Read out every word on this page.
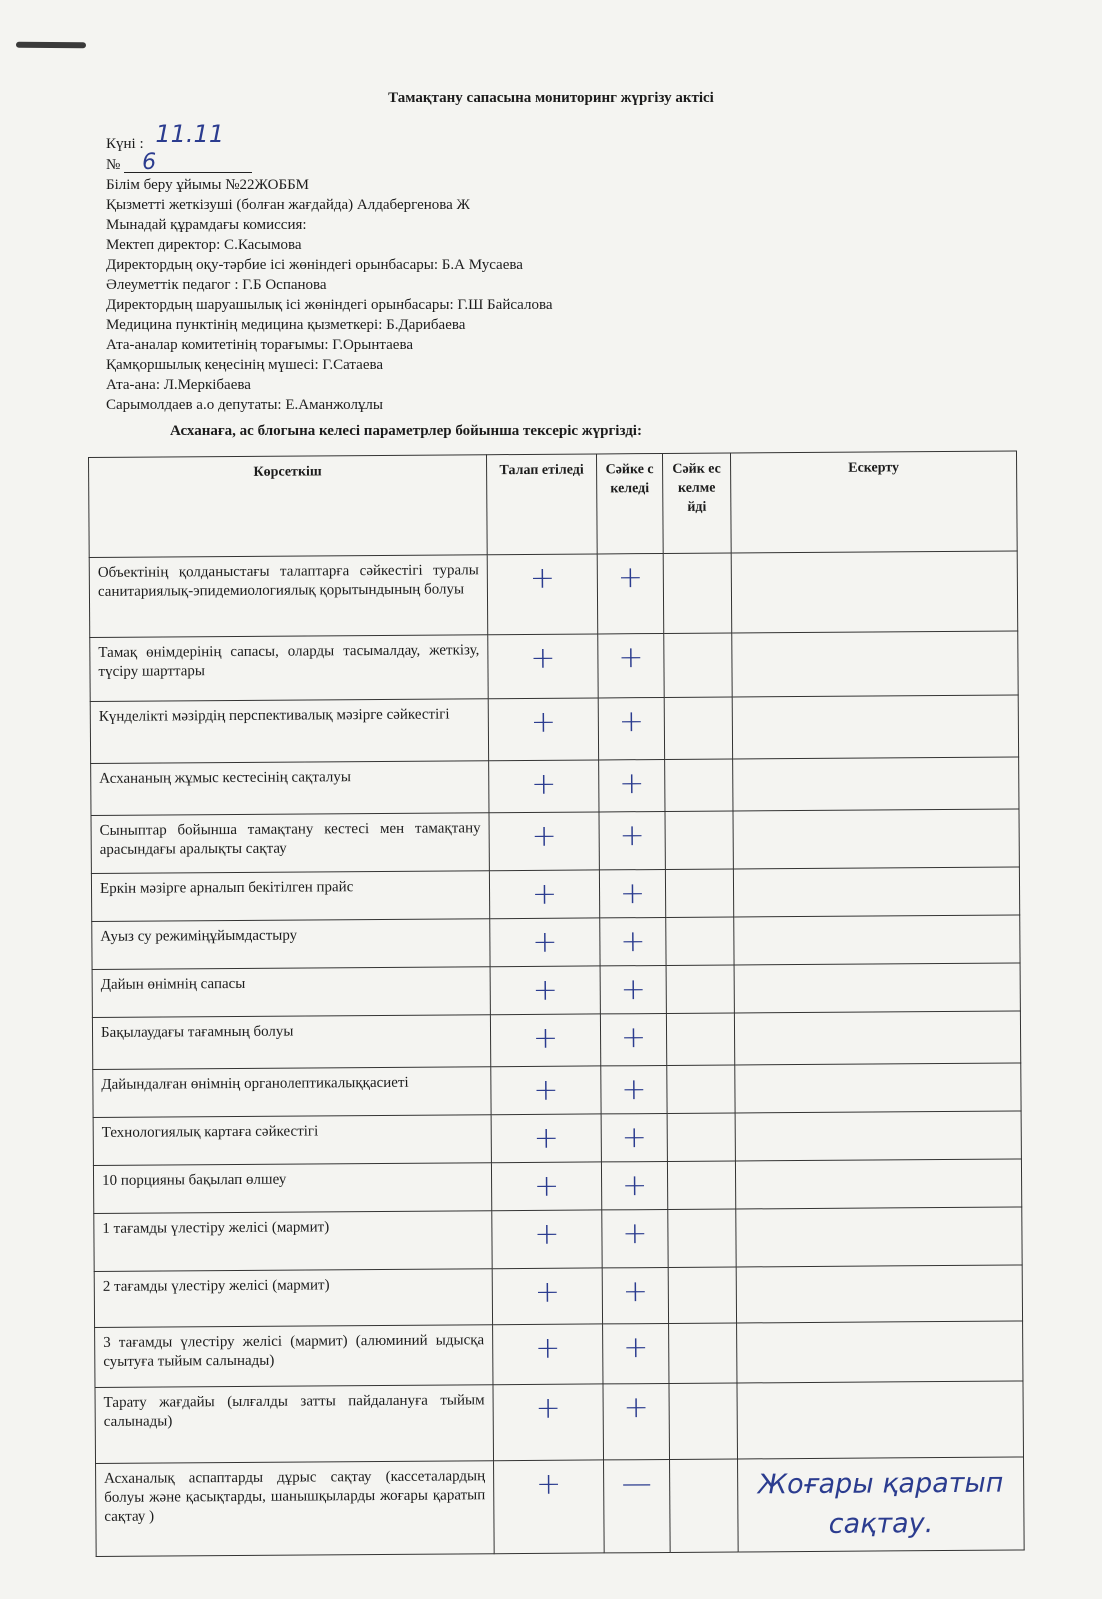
Тамақтану сапасына мониторинг жүргізу актісі
Күні : 11.11
№ 6
Білім беру ұйымы №22ЖОББМ
Қызметті жеткізуші (болған жағдайда) Алдабергенова Ж
Мынадай құрамдағы комиссия:
Мектеп директор: С.Касымова
Директордың оқу-тәрбие ісі жөніндегі орынбасары: Б.А Мусаева
Әлеуметтік педагог : Г.Б Оспанова
Директордың шаруашылық ісі жөніндегі орынбасары: Г.Ш Байсалова
Медицина пунктінің медицина қызметкері: Б.Дарибаева
Ата-аналар комитетінің торағымы: Г.Орынтаева
Қамқоршылық кеңесінің мүшесі: Г.Сатаева
Ата-ана: Л.Меркібаева
Сарымолдаев а.о депутаты: Е.Аманжолұлы
Асханаға, ас блогына келесі параметрлер бойынша тексеріс жүргізді:
Көрсеткіш	Талап етіледі	Сәйке с келеді	Сәйк ес келме йді	Ескерту
Объектінің қолданыстағы талаптарға сәйкестігі туралы санитариялық-эпидемиологиялық қорытындының болуы	+	+		

Тамақ өнімдерінің сапасы, оларды тасымалдау, жеткізу, түсіру шарттары	+	+		

Күнделікті мәзірдің перспективалық мәзірге сәйкестігі	+	+		

Асхананың жұмыс кестесінің сақталуы	+	+		

Сыныптар бойынша тамақтану кестесі мен тамақтану арасындағы аралықты сақтау	+	+		

Еркін мәзірге арналып бекітілген прайс	+	+		

Ауыз су режиміңұйымдастыру	+	+		

Дайын өнімнің сапасы	+	+		

Бақылаудағы тағамның болуы	+	+		

Дайындалған өнімнің органолептикалыққасиеті	+	+		

Технологиялық картаға сәйкестігі	+	+		

10 порцияны бақылап өлшеу	+	+		

1 тағамды үлестіру желісі (мармит)	+	+		

2 тағамды үлестіру желісі (мармит)	+	+		

3 тағамды үлестіру желісі (мармит) (алюминий ыдысқа суытуға тыйым салынады)	+	+		

Тарату жағдайы (ылғалды затты пайдалануға тыйым салынады)	+	+		

Асханалық аспаптарды дұрыс сақтау (кассеталардың болуы және қасықтарды, шанышқыларды жоғары қаратып сақтау )	+	—		Жоғары қаратып сақтау.
